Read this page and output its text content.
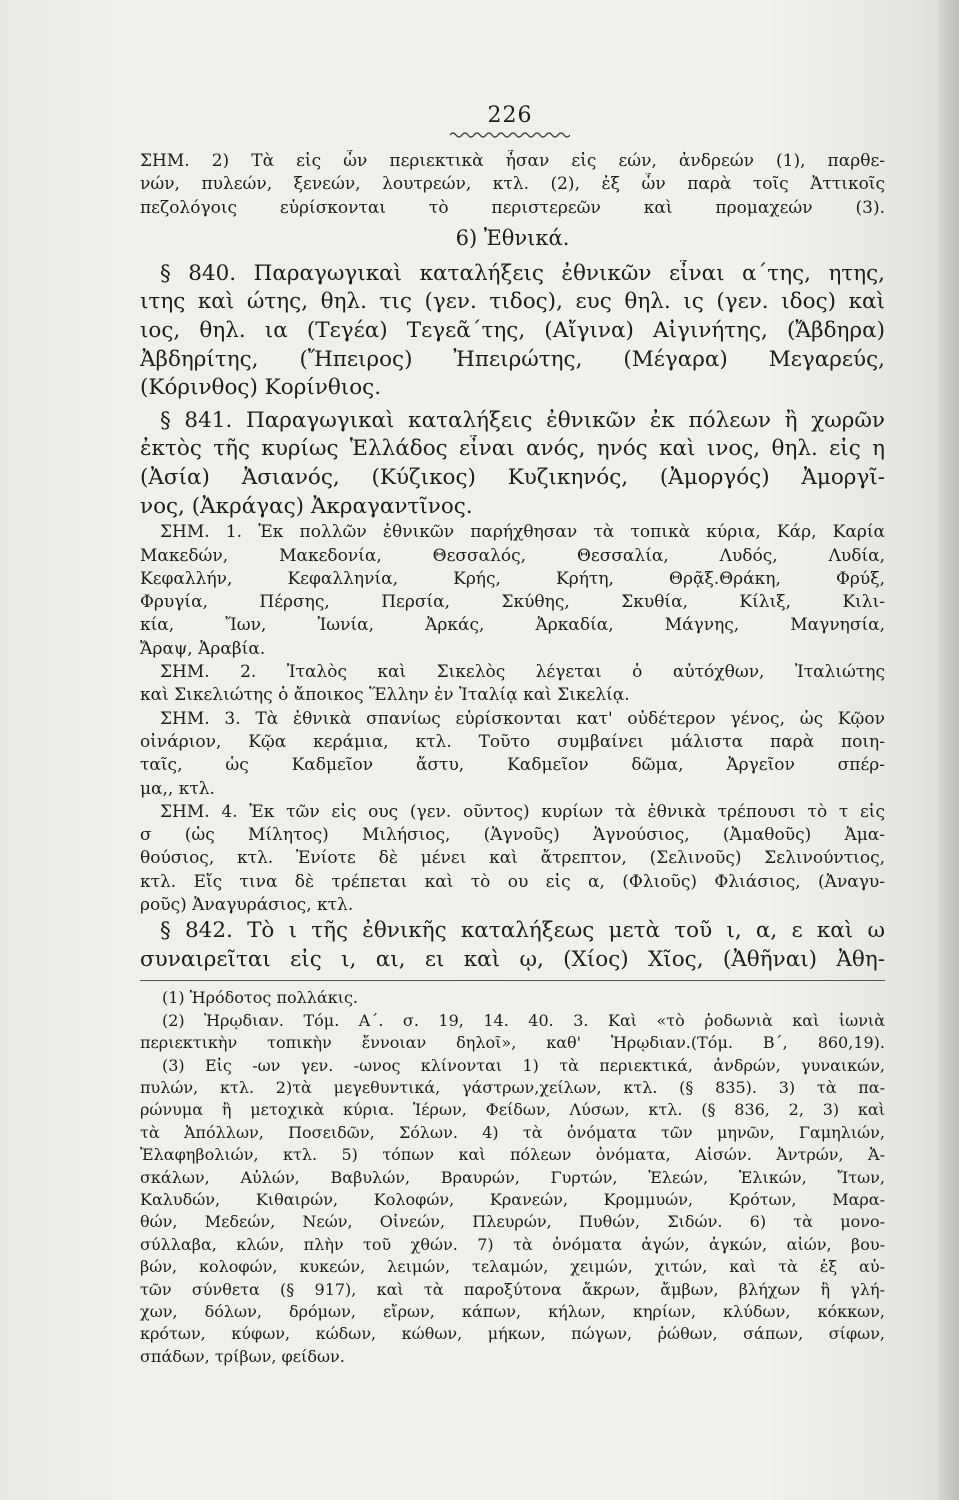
226
ΣΗΜ. 2) Τὰ εἰς ὧν περιεκτικὰ ἦσαν εἰς εών, ἀνδρεών (1), παρθε-
νών, πυλεών, ξενεών, λουτρεών, κτλ. (2), ἐξ ὧν παρὰ τοῖς Ἀττικοῖς
πεζολόγοις εὑρίσκονται τὸ περιστερεῶν καὶ προμαχεών (3).
6) Ἐθνικά.
§ 840. Παραγωγικαὶ καταλήξεις ἐθνικῶν εἶναι α΄της, ητης,
ιτης καὶ ώτης, θηλ. τις (γεν. τιδος), ευς θηλ. ις (γεν. ιδος) καὶ
ιος, θηλ. ια (Τεγέα) Τεγεᾶ΄της, (Αἴγινα) Αἰγινήτης, (Ἄβδηρα)
Ἀβδηρίτης, (Ἤπειρος) Ἠπειρώτης, (Μέγαρα) Μεγαρεύς,
(Κόρινθος) Κορίνθιος.
§ 841. Παραγωγικαὶ καταλήξεις ἐθνικῶν ἐκ πόλεων ἢ χωρῶν
ἐκτὸς τῆς κυρίως Ἑλλάδος εἶναι ανός, ηνός καὶ ινος, θηλ. εἰς η
(Ἀσία) Ἀσιανός, (Κύζικος) Κυζικηνός, (Ἀμοργός) Ἀμοργῖ-
νος, (Ἀκράγας) Ἀκραγαντῖνος.
ΣΗΜ. 1. Ἐκ πολλῶν ἐθνικῶν παρήχθησαν τὰ τοπικὰ κύρια, Κάρ, Καρία
Μακεδών, Μακεδονία, Θεσσαλός, Θεσσαλία, Λυδός, Λυδία,
Κεφαλλήν, Κεφαλληνία, Κρής, Κρήτη, Θρᾷξ.Θράκη, Φρύξ,
Φρυγία, Πέρσης, Περσία, Σκύθης, Σκυθία, Κίλιξ, Κιλι-
κία, Ἴων, Ἰωνία, Ἀρκάς, Ἀρκαδία, Μάγνης, Μαγνησία,
Ἄραψ, Ἀραβία.
ΣΗΜ. 2. Ἰταλὸς καὶ Σικελὸς λέγεται ὁ αὐτόχθων, Ἰταλιώτης
καὶ Σικελιώτης ὁ ἄποικος Ἕλλην ἐν Ἰταλίᾳ καὶ Σικελίᾳ.
ΣΗΜ. 3. Τὰ ἐθνικὰ σπανίως εὑρίσκονται κατ' οὐδέτερον γένος, ὡς Κῷον
οἰνάριον, Κῷα κεράμια, κτλ. Τοῦτο συμβαίνει μάλιστα παρὰ ποιη-
ταῖς, ὡς Καδμεῖον ἄστυ, Καδμεῖον δῶμα, Ἀργεῖον σπέρ-
μα,, κτλ.
ΣΗΜ. 4. Ἐκ τῶν εἰς ους (γεν. οῦντος) κυρίων τὰ ἐθνικὰ τρέπουσι τὸ τ εἰς
σ (ὡς Μίλητος) Μιλήσιος, (Ἁγνοῦς) Ἁγνούσιος, (Ἀμαθοῦς) Ἀμα-
θούσιος, κτλ. Ἐνίοτε δὲ μένει καὶ ἄτρεπτον, (Σελινοῦς) Σελινούντιος,
κτλ. Εἴς τινα δὲ τρέπεται καὶ τὸ ου εἰς α, (Φλιοῦς) Φλιάσιος, (Ἀναγυ-
ροῦς) Ἀναγυράσιος, κτλ.
§ 842. Τὸ ι τῆς ἐθνικῆς καταλήξεως μετὰ τοῦ ι, α, ε καὶ ω
συναιρεῖται εἰς ι, αι, ει καὶ ῳ, (Χίος) Χῖος, (Ἀθῆναι) Ἀθη-
(1) Ἡρόδοτος πολλάκις.
(2) Ἡρῳδιαν. Τόμ. Α΄. σ. 19, 14. 40. 3. Καὶ «τὸ ῥοδωνιὰ καὶ ἰωνιὰ
περιεκτικὴν τοπικὴν ἔννοιαν δηλοῖ», καθ' Ἡρῳδιαν.(Τόμ. Β΄, 860,19).
(3) Εἰς -ων γεν. -ωνος κλίνονται 1) τὰ περιεκτικά, ἀνδρών, γυναικών,
πυλών, κτλ. 2)τὰ μεγεθυντικά, γάστρων,χείλων, κτλ. (§ 835). 3) τὰ πα-
ρώνυμα ἢ μετοχικὰ κύρια. Ἱέρων, Φείδων, Λύσων, κτλ. (§ 836, 2, 3) καὶ
τὰ Ἀπόλλων, Ποσειδῶν, Σόλων. 4) τὰ ὀνόματα τῶν μηνῶν, Γαμηλιών,
Ἐλαφηβολιών, κτλ. 5) τόπων καὶ πόλεων ὀνόματα, Αἰσών. Ἀντρών, Ἀ-
σκάλων, Αὐλών, Βαβυλών, Βραυρών, Γυρτών, Ἐλεών, Ἑλικών, Ἴτων,
Καλυδών, Κιθαιρών, Κολοφών, Κρανεών, Κρομμυών, Κρότων, Μαρα-
θών, Μεδεών, Νεών, Οἰνεών, Πλευρών, Πυθών, Σιδών. 6) τὰ μονο-
σύλλαβα, κλών, πλὴν τοῦ χθών. 7) τὰ ὀνόματα ἀγών, ἀγκών, αἰών, βου-
βών, κολοφών, κυκεών, λειμών, τελαμών, χειμών, χιτών, καὶ τὰ ἐξ αὐ-
τῶν σύνθετα (§ 917), καὶ τὰ παροξύτονα ἄκρων, ἄμβων, βλήχων ἢ γλή-
χων, δόλων, δρόμων, εἴρων, κάπων, κήλων, κηρίων, κλύδων, κόκκων,
κρότων, κύφων, κώδων, κώθων, μήκων, πώγων, ῥώθων, σάπων, σίφων,
σπάδων, τρίβων, φείδων.
